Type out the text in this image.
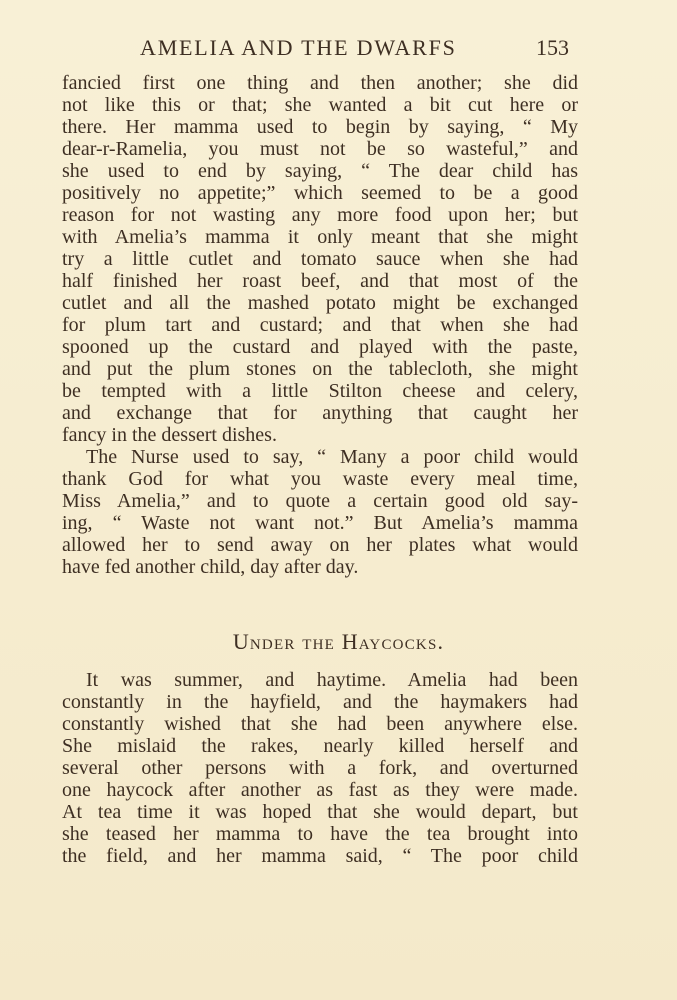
AMELIA AND THE DWARFS	153
fancied first one thing and then another; she did
not like this or that; she wanted a bit cut here or
there. Her mamma used to begin by saying, “ My
dear-r-Ramelia, you must not be so wasteful,” and
she used to end by saying, “ The dear child has
positively no appetite;” which seemed to be a good
reason for not wasting any more food upon her; but
with Amelia’s mamma it only meant that she might
try a little cutlet and tomato sauce when she had
half finished her roast beef, and that most of the
cutlet and all the mashed potato might be exchanged
for plum tart and custard; and that when she had
spooned up the custard and played with the paste,
and put the plum stones on the tablecloth, she might
be tempted with a little Stilton cheese and celery,
and exchange that for anything that caught her
fancy in the dessert dishes.
The Nurse used to say, “ Many a poor child would
thank God for what you waste every meal time,
Miss Amelia,” and to quote a certain good old say-
ing, “ Waste not want not.” But Amelia’s mamma
allowed her to send away on her plates what would
have fed another child, day after day.
Under the Haycocks.
It was summer, and haytime. Amelia had been
constantly in the hayfield, and the haymakers had
constantly wished that she had been anywhere else.
She mislaid the rakes, nearly killed herself and
several other persons with a fork, and overturned
one haycock after another as fast as they were made.
At tea time it was hoped that she would depart, but
she teased her mamma to have the tea brought into
the field, and her mamma said, “ The poor child
